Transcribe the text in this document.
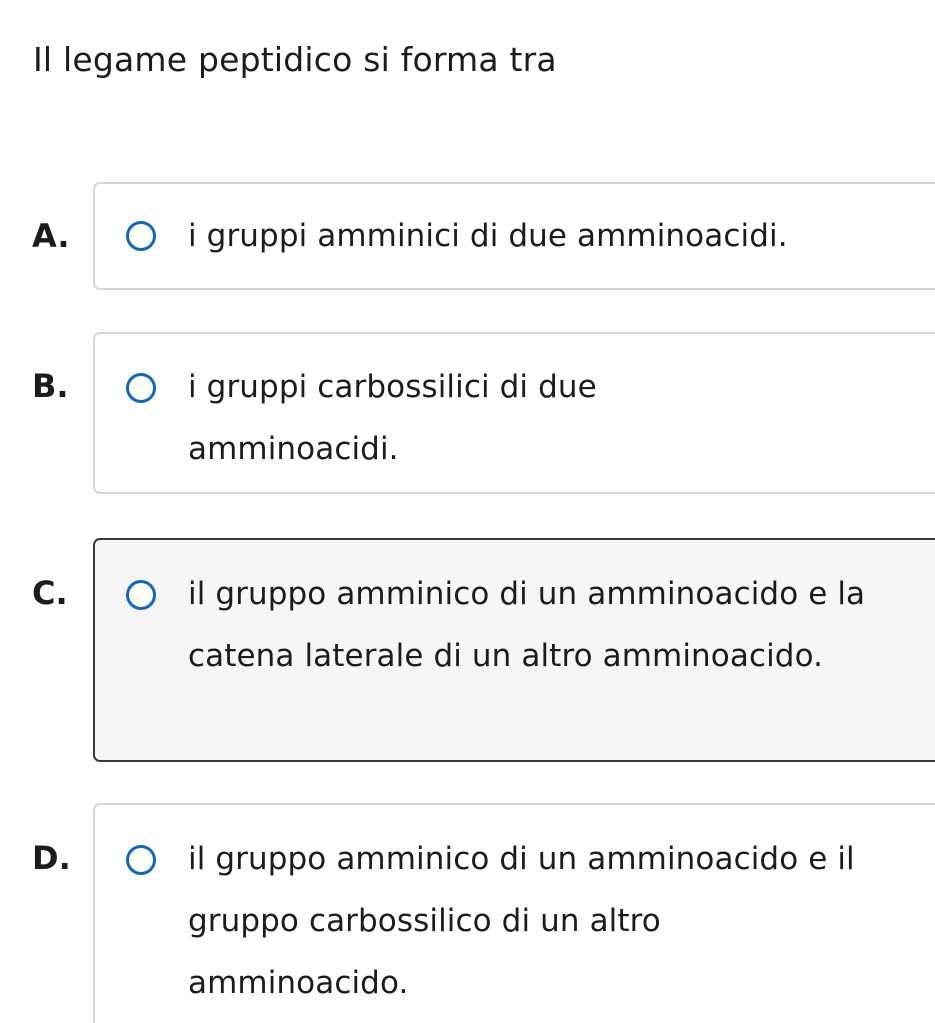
Il legame peptidico si forma tra
A.	i gruppi amminici di due amminoacidi.
B.	i gruppi carbossilici di due amminoacidi.
C.	il gruppo amminico di un amminoacido e la catena laterale di un altro amminoacido.
D.	il gruppo amminico di un amminoacido e il gruppo carbossilico di un altro amminoacido.
